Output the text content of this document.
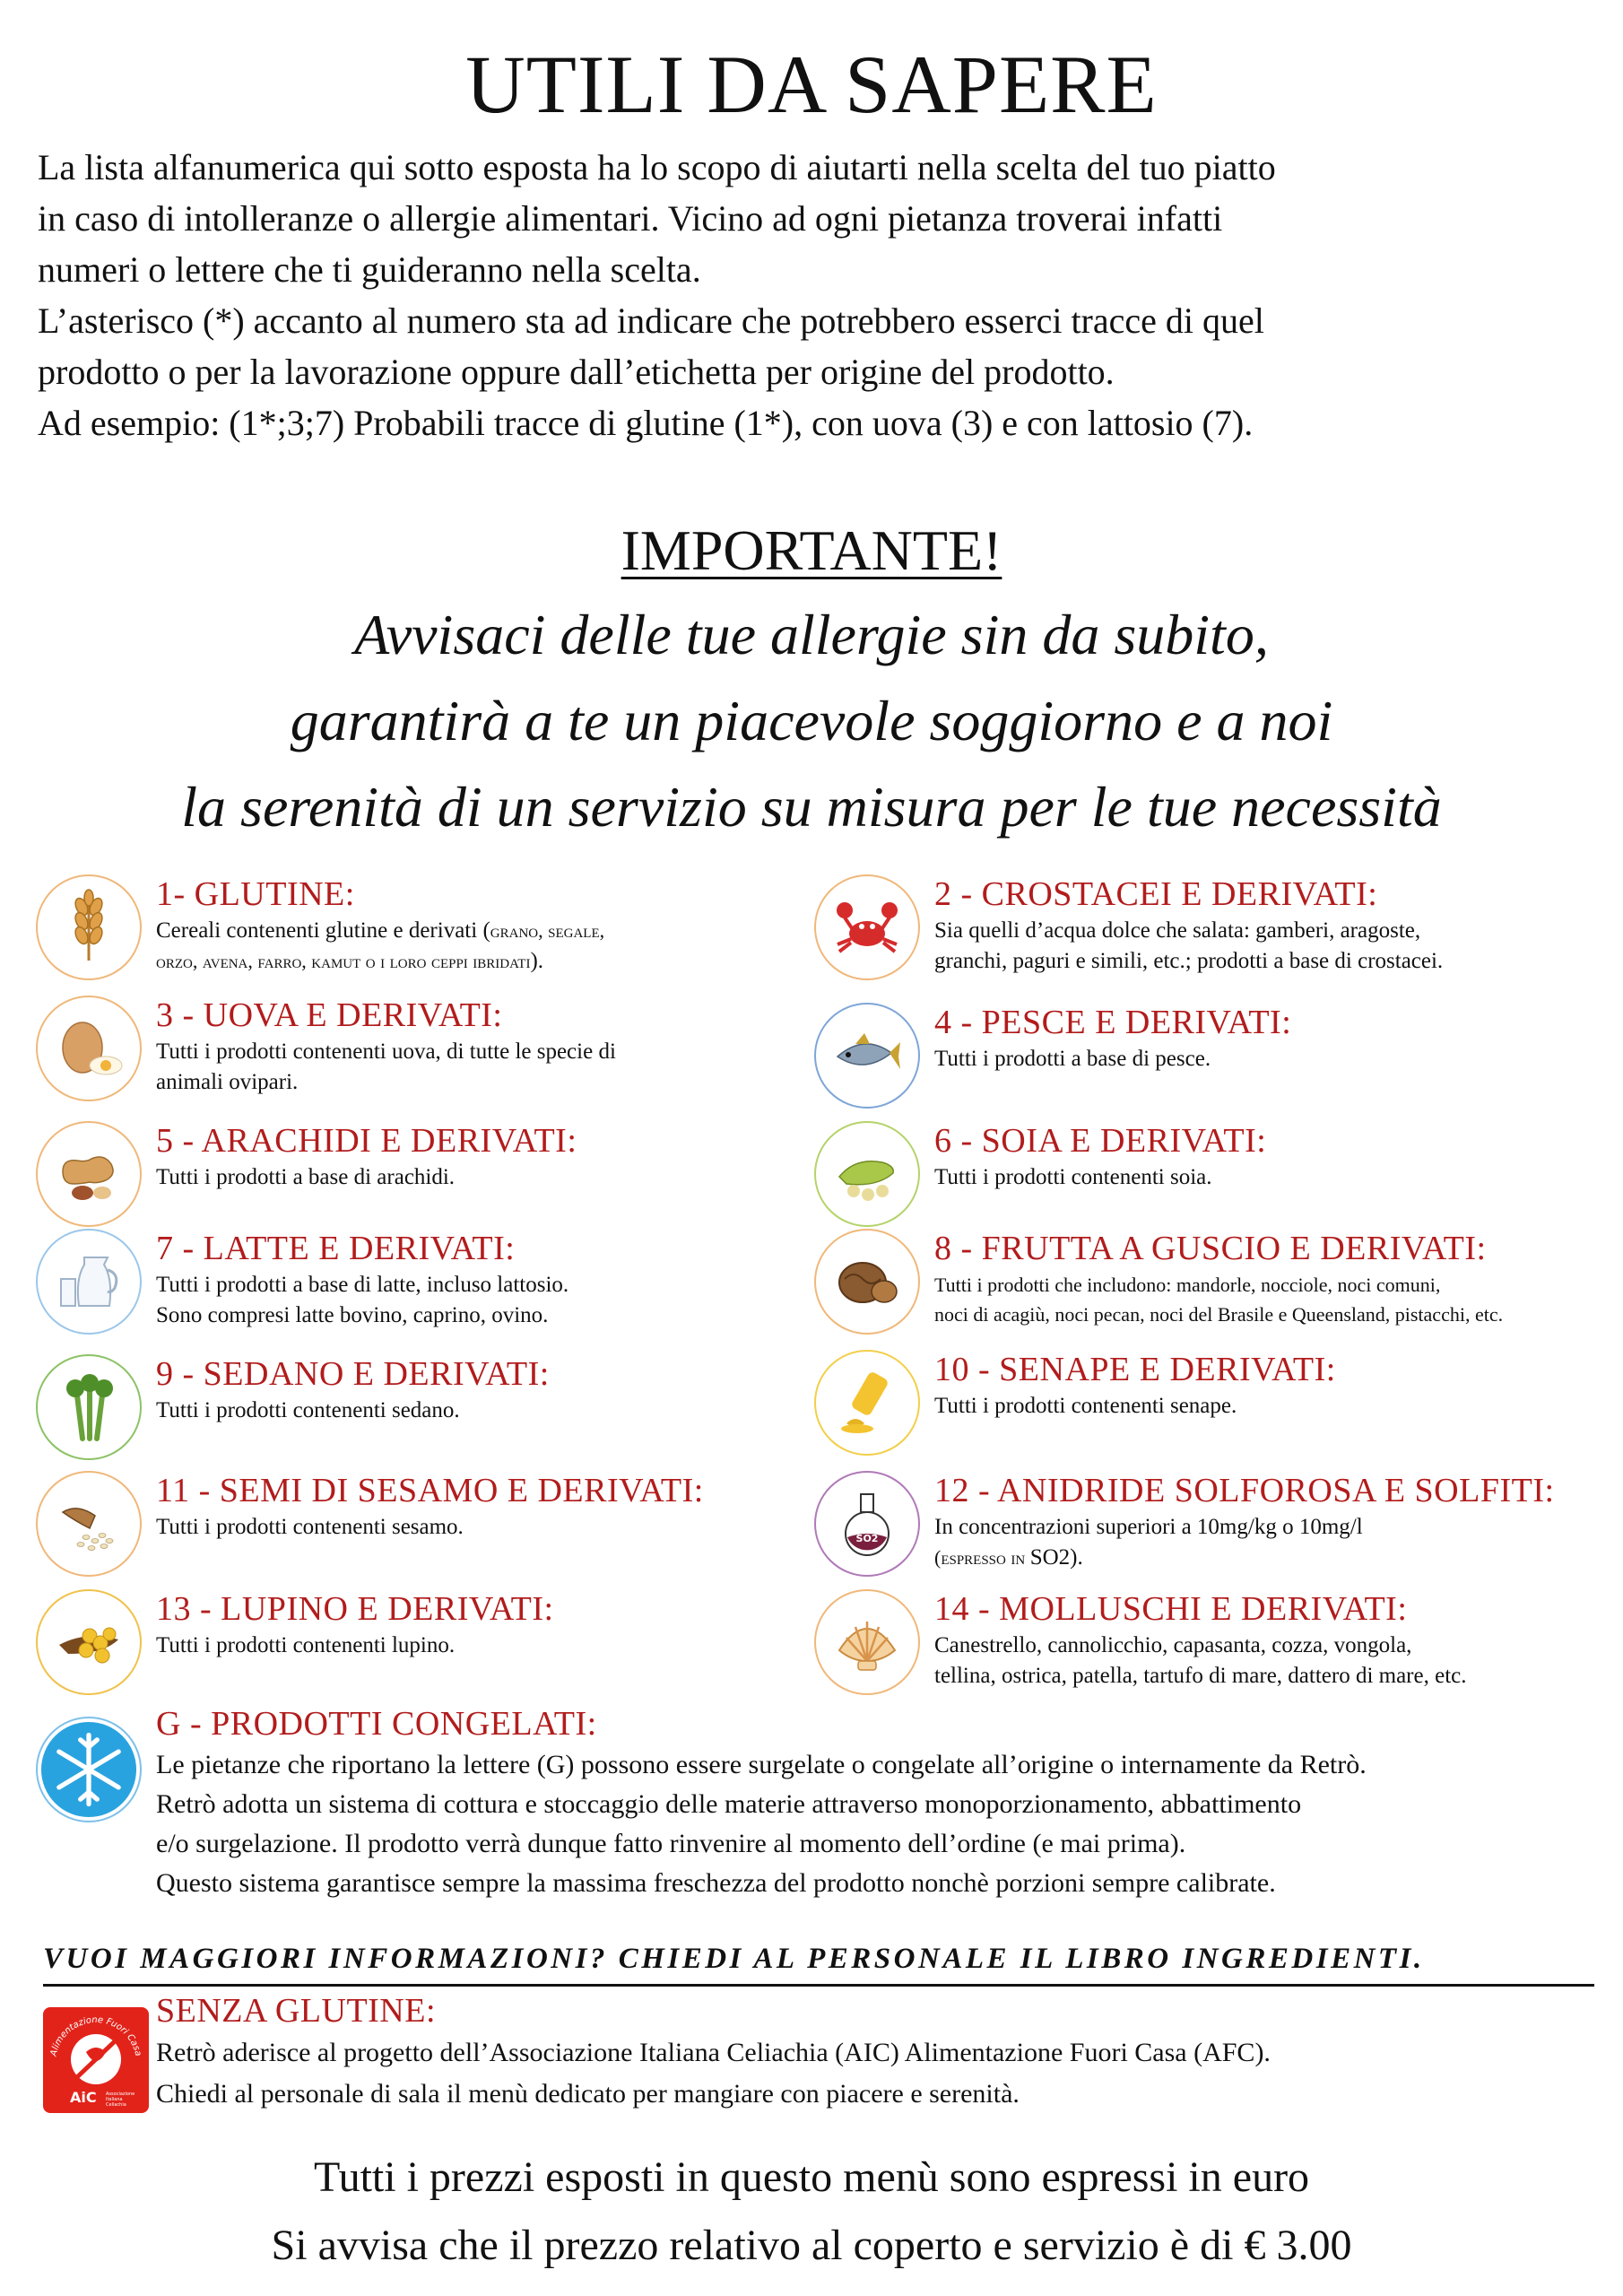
UTILI DA SAPERE

La lista alfanumerica qui sotto esposta ha lo scopo di aiutarti nella scelta del tuo piatto

in caso di intolleranze o allergie alimentari. Vicino ad ogni pietanza troverai infatti

numeri o lettere che ti guideranno nella scelta.

L’asterisco (*) accanto al numero sta ad indicare che potrebbero esserci tracce di quel

prodotto o per la lavorazione oppure dall’etichetta per origine del prodotto.

Ad esempio: (1*;3;7) Probabili tracce di glutine (1*), con uova (3) e con lattosio (7).

IMPORTANTE!
Avvisaci delle tue allergie sin da subito,
garantirà a te un piacevole soggiorno e a noi
la serenità di un servizio su misura per le tue necessità
1- GLUTINE:
Cereali contenenti glutine e derivati (grano, segale,
orzo, avena, farro, kamut o i loro ceppi ibridati).
2 - CROSTACEI E DERIVATI:
Sia quelli d’acqua dolce che salata: gamberi, aragoste,
granchi, paguri e simili, etc.; prodotti a base di crostacei.
3 - UOVA E DERIVATI:
Tutti i prodotti contenenti uova, di tutte le specie di
animali ovipari.
4 - PESCE E DERIVATI:
Tutti i prodotti a base di pesce.
5 - ARACHIDI E DERIVATI:
Tutti i prodotti a base di arachidi.
6 - SOIA E DERIVATI:
Tutti i prodotti contenenti soia.
7 - LATTE E DERIVATI:
Tutti i prodotti a base di latte, incluso lattosio.
Sono compresi latte bovino, caprino, ovino.
8 - FRUTTA A GUSCIO E DERIVATI:
Tutti i prodotti che includono: mandorle, nocciole, noci comuni,
noci di acagiù, noci pecan, noci del Brasile e Queensland, pistacchi, etc.
9 - SEDANO E DERIVATI:
Tutti i prodotti contenenti sedano.
10 - SENAPE E DERIVATI:
Tutti i prodotti contenenti senape.
11 - SEMI DI SESAMO E DERIVATI:
Tutti i prodotti contenenti sesamo.	SO2
12 - ANIDRIDE SOLFOROSA E SOLFITI:
In concentrazioni superiori a 10mg/kg o 10mg/l
(espresso in SO2).
13 - LUPINO E DERIVATI:
Tutti i prodotti contenenti lupino.
14 - MOLLUSCHI E DERIVATI:
Canestrello, cannolicchio, capasanta, cozza, vongola,
tellina, ostrica, patella, tartufo di mare, dattero di mare, etc.
G - PRODOTTI CONGELATI:
Le pietanze che riportano la lettere (G) possono essere surgelate o congelate all’origine o internamente da Retrò.
Retrò adotta un sistema di cottura e stoccaggio delle materie attraverso monoporzionamento, abbattimento
e/o surgelazione. Il prodotto verrà dunque fatto rinvenire al momento dell’ordine (e mai prima).
Questo sistema garantisce sempre la massima freschezza del prodotto nonchè porzioni sempre calibrate.
VUOI MAGGIORI INFORMAZIONI? CHIEDI AL PERSONALE IL LIBRO INGREDIENTI.
Alimentazione Fuori Casa
AiC Associazione
Italiana
Celiachia
SENZA GLUTINE:
Retrò aderisce al progetto dell’Associazione Italiana Celiachia (AIC) Alimentazione Fuori Casa (AFC).
Chiedi al personale di sala il menù dedicato per mangiare con piacere e serenità.
Tutti i prezzi esposti in questo menù sono espressi in euro
Si avvisa che il prezzo relativo al coperto e servizio è di € 3.00
